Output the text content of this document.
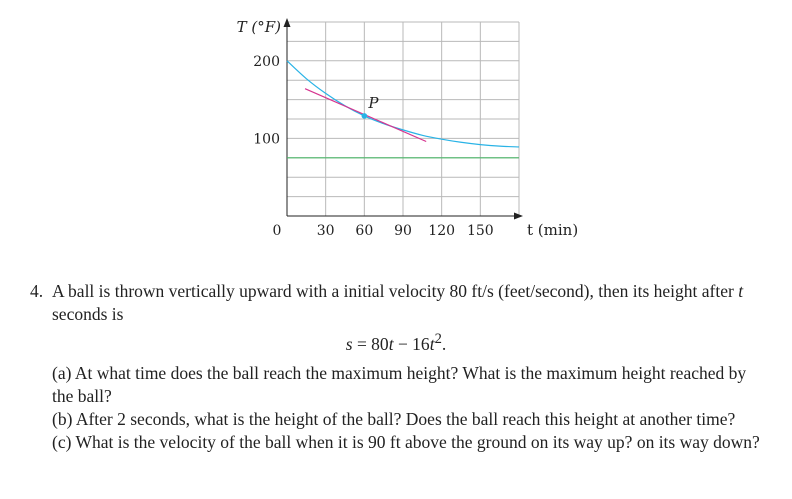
P
0	30 60 90 120 150
100
200
T (°F)
t (min)
4. A ball is thrown vertically upward with a initial velocity 80 ft/s (feet/second), then its height after t seconds is
$s = 80t - 16t^2$.
(a) At what time does the ball reach the maximum height? What is the maximum height reached by the ball?
(b) After 2 seconds, what is the height of the ball? Does the ball reach this height at another time?
(c) What is the velocity of the ball when it is 90 ft above the ground on its way up? on its way down?
